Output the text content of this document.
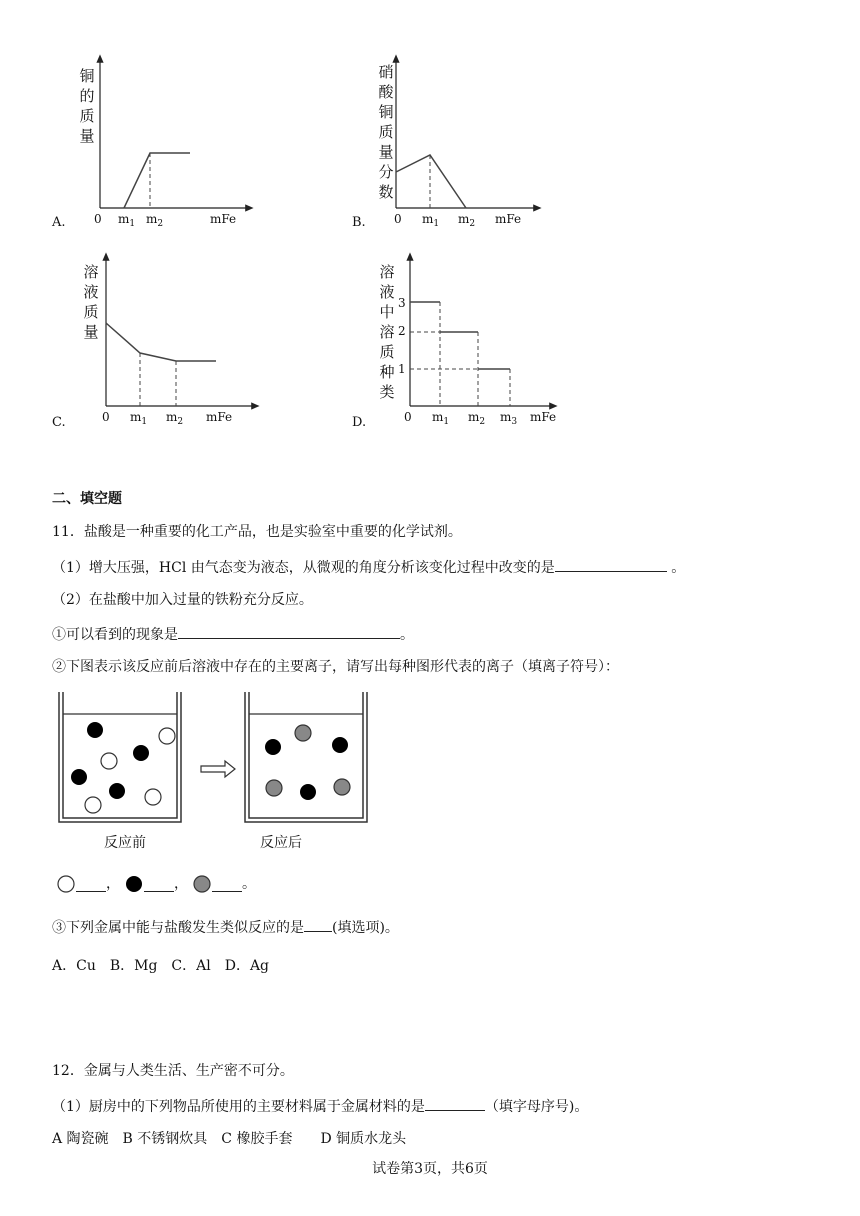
A.
铜
的
质
量
0 $m_1$ $m_2$	mFe	B.
硝
酸
铜
质
量
分
数
0 $m_1$ $m_2$ mFe
C.
溶
液
质
量
0 $m_1$ $m_2$ mFe	D.
溶
液
中
溶
质
种
类
3
2
1
0 $m_1$ $m_2$ $m_3$ mFe
二、填空题
11．盐酸是一种重要的化工产品，也是实验室中重要的化学试剂。
（1）增大压强，HCl 由气态变为液态，从微观的角度分析该变化过程中改变的是	。
（2）在盐酸中加入过量的铁粉充分反应。
①可以看到的现象是	。
②下图表示该反应前后溶液中存在的主要离子，请写出每种图形代表的离子（填离子符号）：
反应前	反应后
，	，	。
③下列金属中能与盐酸发生类似反应的是 (填选项)。
A．Cu　B．Mg　C．Al　D．Ag
12．金属与人类生活、生产密不可分。
（1）厨房中的下列物品所使用的主要材料属于金属材料的是	（填字母序号)。
A 陶瓷碗　B 不锈钢炊具　C 橡胶手套　　D 铜质水龙头
试卷第3页，共6页
